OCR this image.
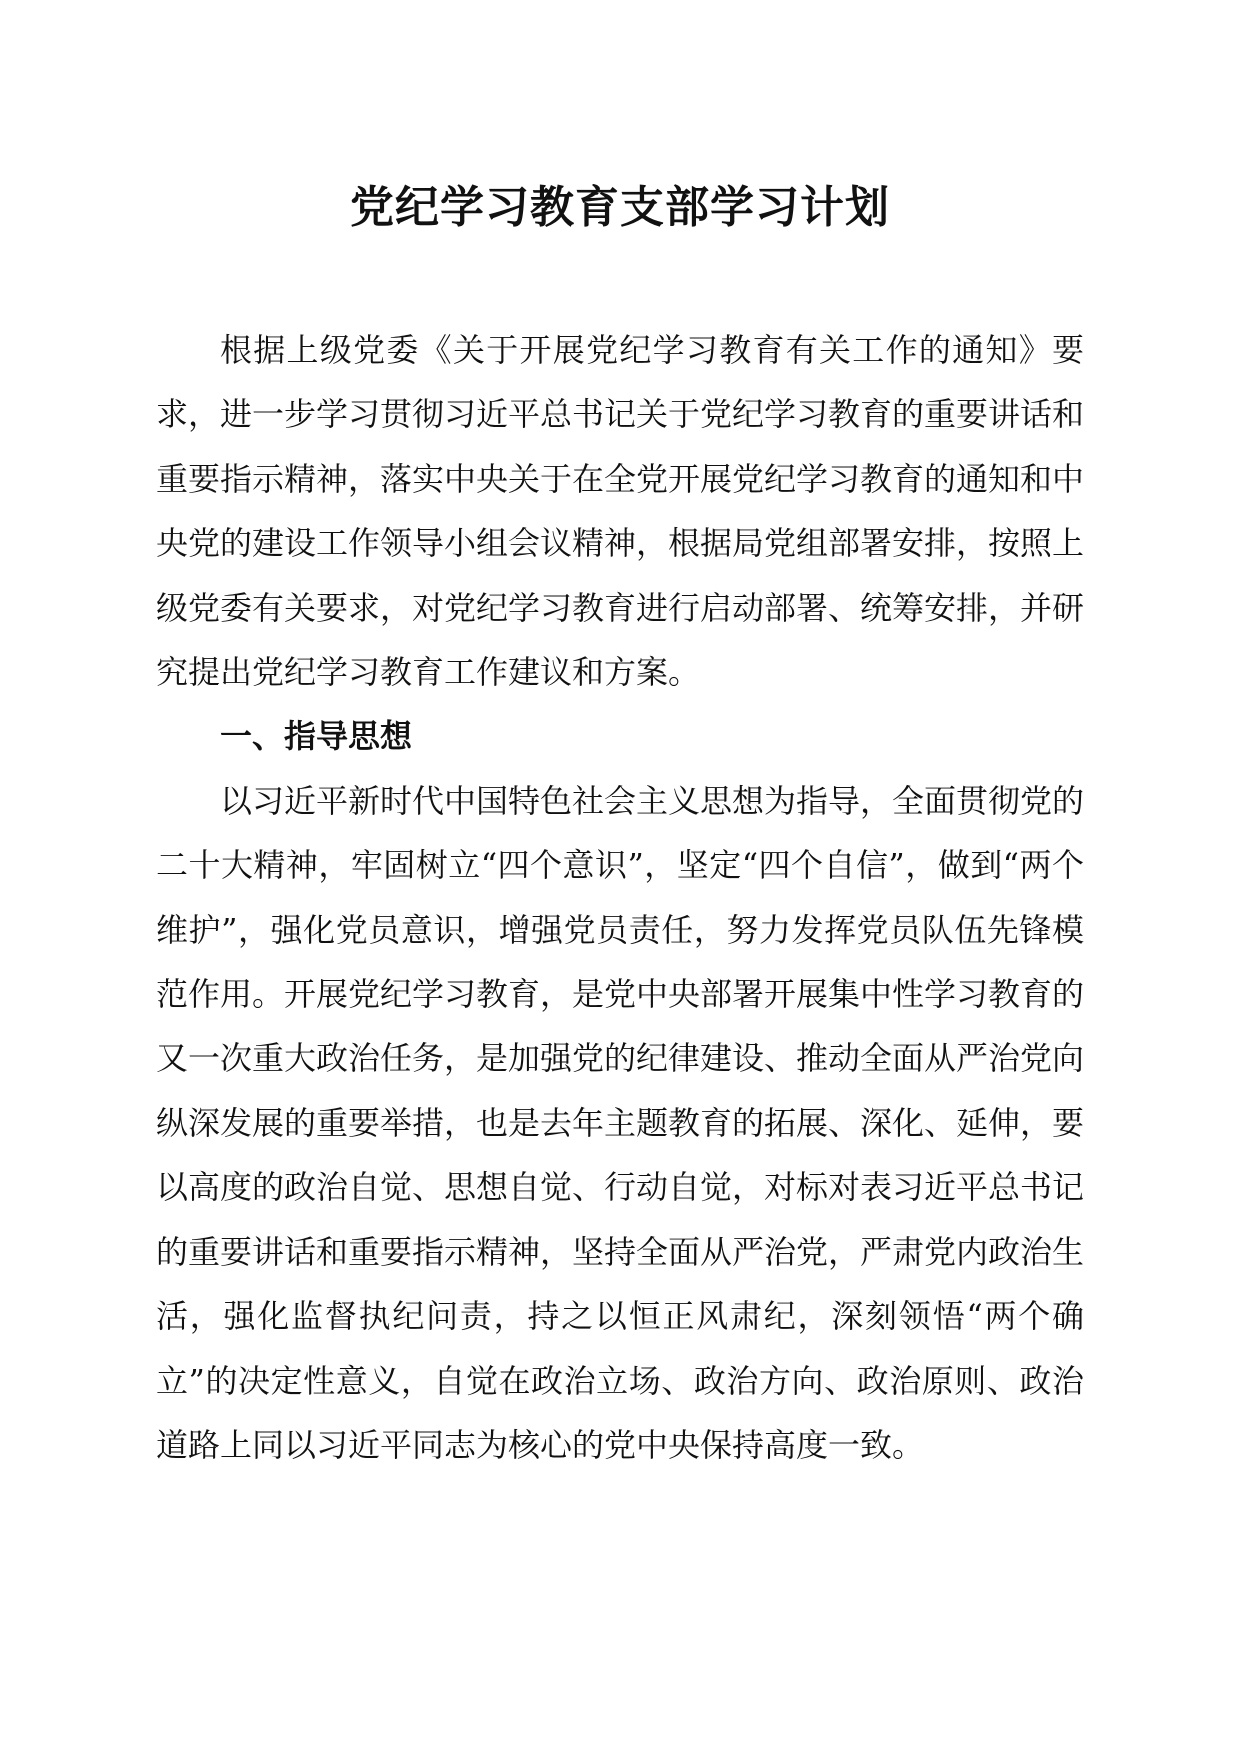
党纪学习教育支部学习计划

根据上级党委《关于开展党纪学习教育有关工作的通知》要求，进一步学习贯彻习近平总书记关于党纪学习教育的重要讲话和重要指示精神，落实中央关于在全党开展党纪学习教育的通知和中央党的建设工作领导小组会议精神，根据局党组部署安排，按照上级党委有关要求，对党纪学习教育进行启动部署、统筹安排，并研究提出党纪学习教育工作建议和方案。

一、指导思想

以习近平新时代中国特色社会主义思想为指导，全面贯彻党的二十大精神，牢固树立“四个意识”，坚定“四个自信”，做到“两个维护”，强化党员意识，增强党员责任，努力发挥党员队伍先锋模范作用。开展党纪学习教育，是党中央部署开展集中性学习教育的又一次重大政治任务，是加强党的纪律建设、推动全面从严治党向纵深发展的重要举措，也是去年主题教育的拓展、深化、延伸，要以高度的政治自觉、思想自觉、行动自觉，对标对表习近平总书记的重要讲话和重要指示精神，坚持全面从严治党，严肃党内政治生活，强化监督执纪问责，持之以恒正风肃纪，深刻领悟“两个确立”的决定性意义，自觉在政治立场、政治方向、政治原则、政治道路上同以习近平同志为核心的党中央保持高度一致。
